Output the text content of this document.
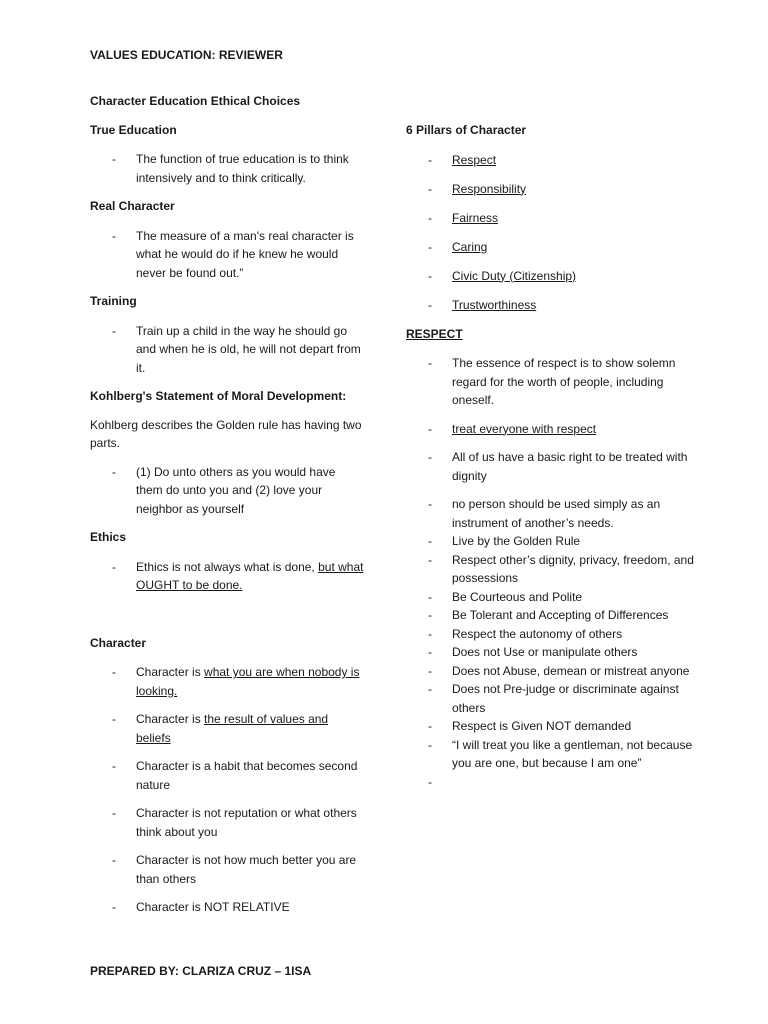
VALUES EDUCATION: REVIEWER

Character Education Ethical Choices

True Education

- The function of true education is to think intensively and to think critically.

Real Character

- The measure of a man's real character is what he would do if he knew he would never be found out.”

Training

- Train up a child in the way he should go and when he is old, he will not depart from it.

Kohlberg's Statement of Moral Development:

Kohlberg describes the Golden rule has having two parts.

- (1) Do unto others as you would have them do unto you and (2) love your neighbor as yourself

Ethics

- Ethics is not always what is done, but what OUGHT to be done.

Character

- Character is what you are when nobody is looking.
- Character is the result of values and beliefs
- Character is a habit that becomes second nature
- Character is not reputation or what others think about you
- Character is not how much better you are than others
- Character is NOT RELATIVE

6 Pillars of Character

- Respect
- Responsibility
- Fairness
- Caring
- Civic Duty (Citizenship)
- Trustworthiness

RESPECT

- The essence of respect is to show solemn regard for the worth of people, including oneself.
- treat everyone with respect
- All of us have a basic right to be treated with dignity
- no person should be used simply as an instrument of another’s needs.
- Live by the Golden Rule
- Respect other’s dignity, privacy, freedom, and possessions
- Be Courteous and Polite
- Be Tolerant and Accepting of Differences
- Respect the autonomy of others
- Does not Use or manipulate others
- Does not Abuse, demean or mistreat anyone
- Does not Pre-judge or discriminate against others
- Respect is Given NOT demanded
- “I will treat you like a gentleman, not because you are one, but because I am one”
-
PREPARED BY: CLARIZA CRUZ – 1ISA
